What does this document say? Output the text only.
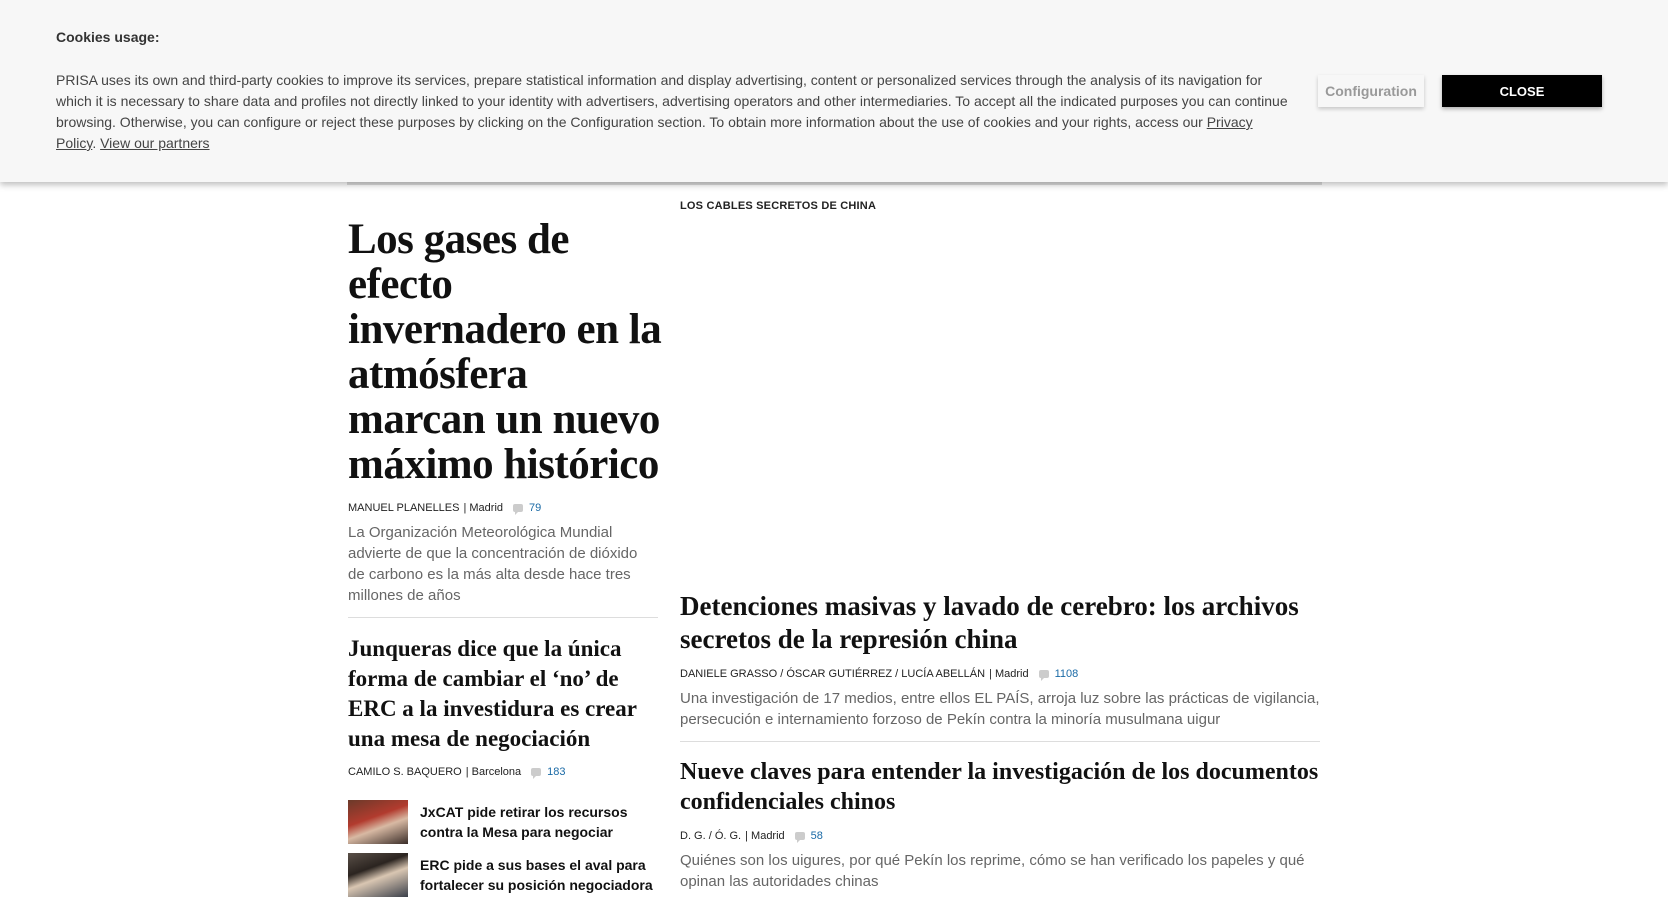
Cookies usage:
PRISA uses its own and third-party cookies to improve its services, prepare statistical information and display advertising, content or personalized services through the analysis of its navigation for which it is necessary to share data and profiles not directly linked to your identity with advertisers, advertising operators and other intermediaries. To accept all the indicated purposes you can continue browsing. Otherwise, you can configure or reject these purposes by clicking on the Configuration section. To obtain more information about the use of cookies and your rights, access our Privacy Policy. View our partners
Configuration	CLOSE
Los gases de efecto invernadero en la atmósfera marcan un nuevo máximo histórico
MANUEL PLANELLES | Madrid 79
La Organización Meteorológica Mundial advierte de que la concentración de dióxido de carbono es la más alta desde hace tres millones de años
Junqueras dice que la única forma de cambiar el ‘no’ de ERC a la investidura es crear una mesa de negociación
CAMILO S. BAQUERO | Barcelona 183
JxCAT pide retirar los recursos contra la Mesa para negociar
ERC pide a sus bases el aval para fortalecer su posición negociadora
LOS CABLES SECRETOS DE CHINA
Detenciones masivas y lavado de cerebro: los archivos secretos de la represión china
DANIELE GRASSO / ÓSCAR GUTIÉRREZ / LUCÍA ABELLÁN | Madrid 1108
Una investigación de 17 medios, entre ellos EL PAÍS, arroja luz sobre las prácticas de vigilancia, persecución e internamiento forzoso de Pekín contra la minoría musulmana uigur
Nueve claves para entender la investigación de los documentos confidenciales chinos
D. G. / Ó. G. | Madrid 58
Quiénes son los uigures, por qué Pekín los reprime, cómo se han verificado los papeles y qué opinan las autoridades chinas
